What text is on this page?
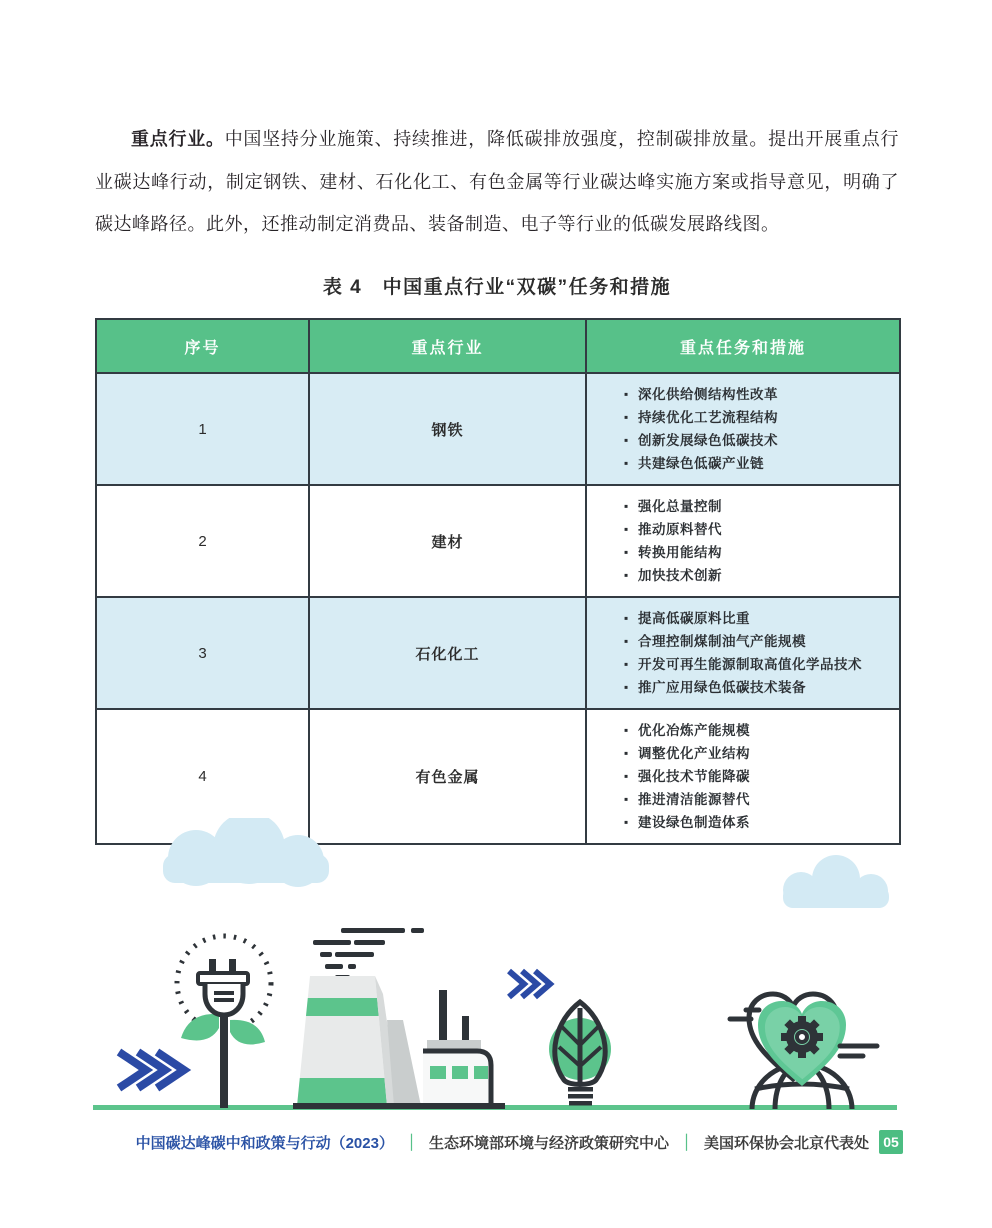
重点行业。中国坚持分业施策、持续推进，降低碳排放强度，控制碳排放量。提出开展重点行业碳达峰行动，制定钢铁、建材、石化化工、有色金属等行业碳达峰实施方案或指导意见，明确了碳达峰路径。此外，还推动制定消费品、装备制造、电子等行业的低碳发展路线图。

表 4　中国重点行业“双碳”任务和措施
序号	重点行业	重点任务和措施
1	钢铁	
▪ 深化供给侧结构性改革
▪ 持续优化工艺流程结构
▪ 创新发展绿色低碳技术
▪ 共建绿色低碳产业链

2	建材	
▪ 强化总量控制
▪ 推动原料替代
▪ 转换用能结构
▪ 加快技术创新

3	石化化工	
▪ 提高低碳原料比重
▪ 合理控制煤制油气产能规模
▪ 开发可再生能源制取高值化学品技术
▪ 推广应用绿色低碳技术装备

4	有色金属	
▪ 优化冶炼产能规模
▪ 调整优化产业结构
▪ 强化技术节能降碳
▪ 推进清洁能源替代
▪ 建设绿色制造体系
中国碳达峰碳中和政策与行动（2023） ｜ 生态环境部环境与经济政策研究中心 ｜ 美国环保协会北京代表处	05
